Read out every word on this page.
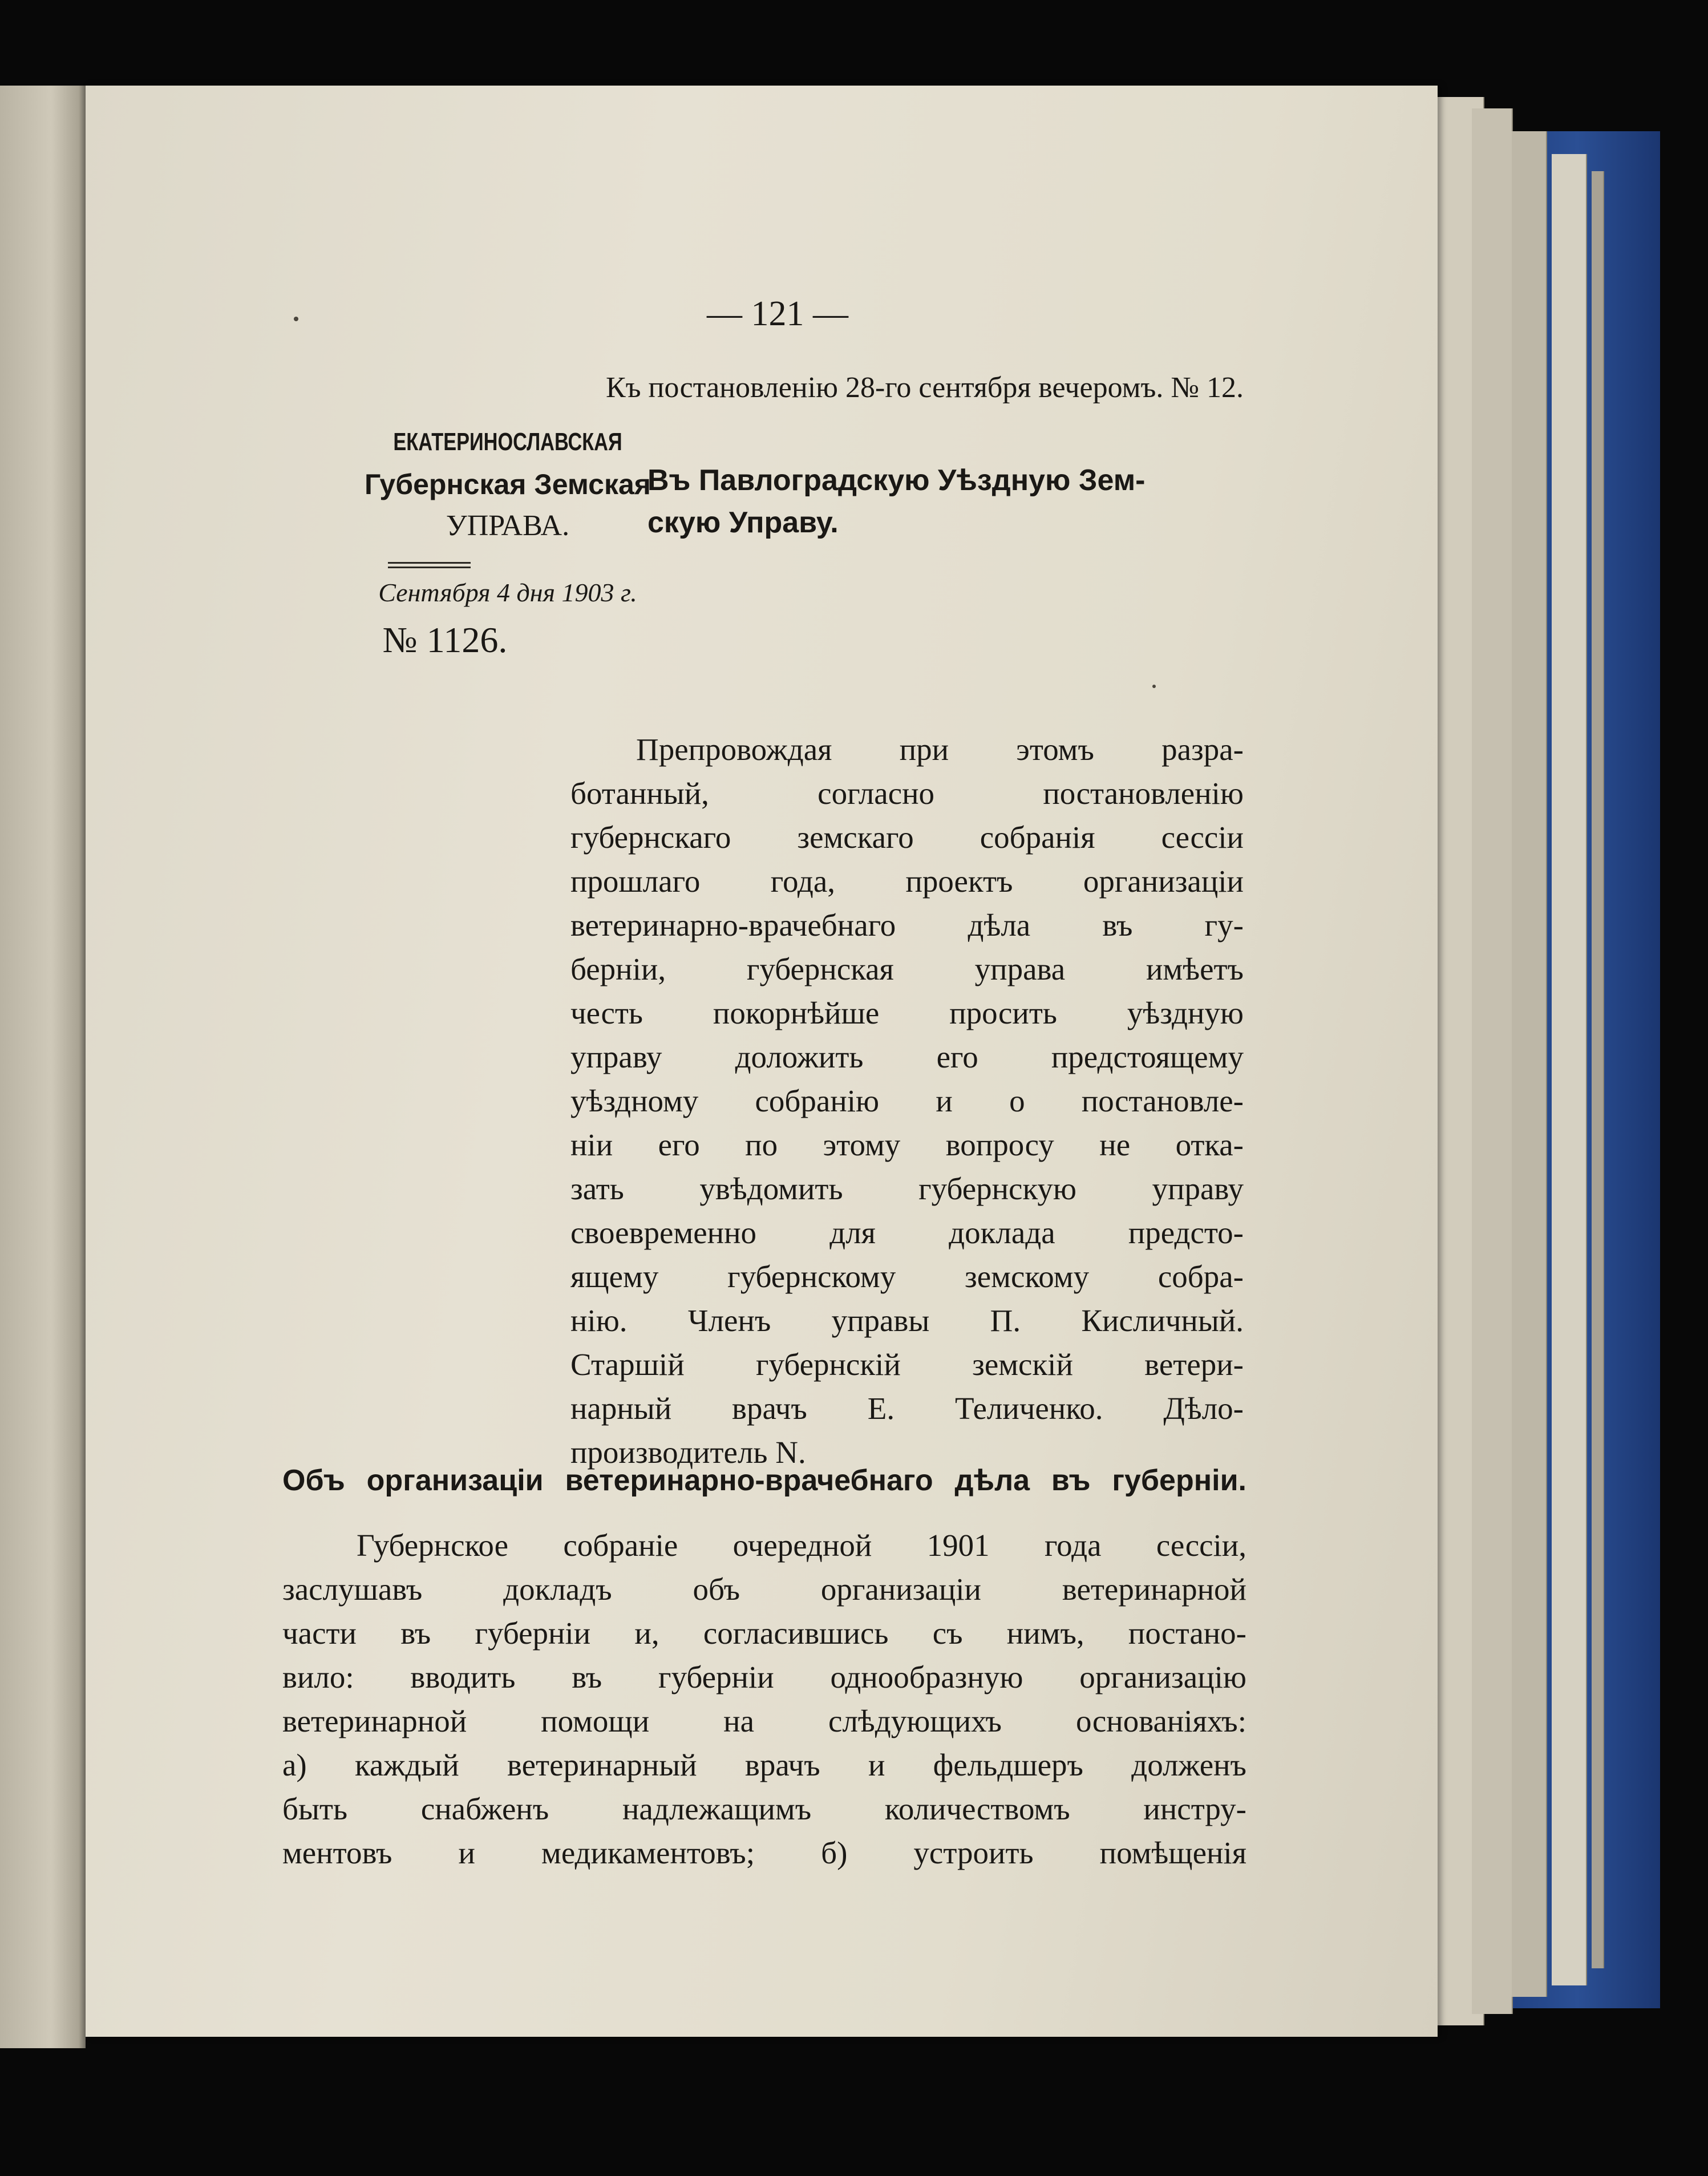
— 121 —
Къ постановленію 28-го сентября вечеромъ. № 12.
ЕКАТЕРИНОСЛАВСКАЯ
Губернская Земская
УПРАВА.
Сентября 4 дня 1903 г.
№ 1126.
Въ Павлоградскую Уѣздную Зем-
скую Управу.
Препровождая при этомъ разра-
ботанный, согласно постановленію
губернскаго земскаго собранія сессіи
прошлаго года, проектъ организаціи
ветеринарно-врачебнаго дѣла въ гу-
берніи, губернская управа имѣетъ
честь покорнѣйше просить уѣздную
управу доложить его предстоящему
уѣздному собранію и о постановле-
ніи его по этому вопросу не отка-
зать увѣдомить губернскую управу
своевременно для доклада предсто-
ящему губернскому земскому собра-
нію. Членъ управы П. Кисличный.
Старшій губернскій земскій ветери-
нарный врачъ Е. Теличенко. Дѣло-
производитель N.
Объ организаціи ветеринарно-врачебнаго дѣла въ губерніи.
Губернское собраніе очередной 1901 года сессіи,
заслушавъ докладъ объ организаціи ветеринарной
части въ губерніи и, согласившись съ нимъ, постано-
вило: вводить въ губерніи однообразную организацію
ветеринарной помощи на слѣдующихъ основаніяхъ:
а) каждый ветеринарный врачъ и фельдшеръ долженъ
быть снабженъ надлежащимъ количествомъ инстру-
ментовъ и медикаментовъ; б) устроить помѣщенія
